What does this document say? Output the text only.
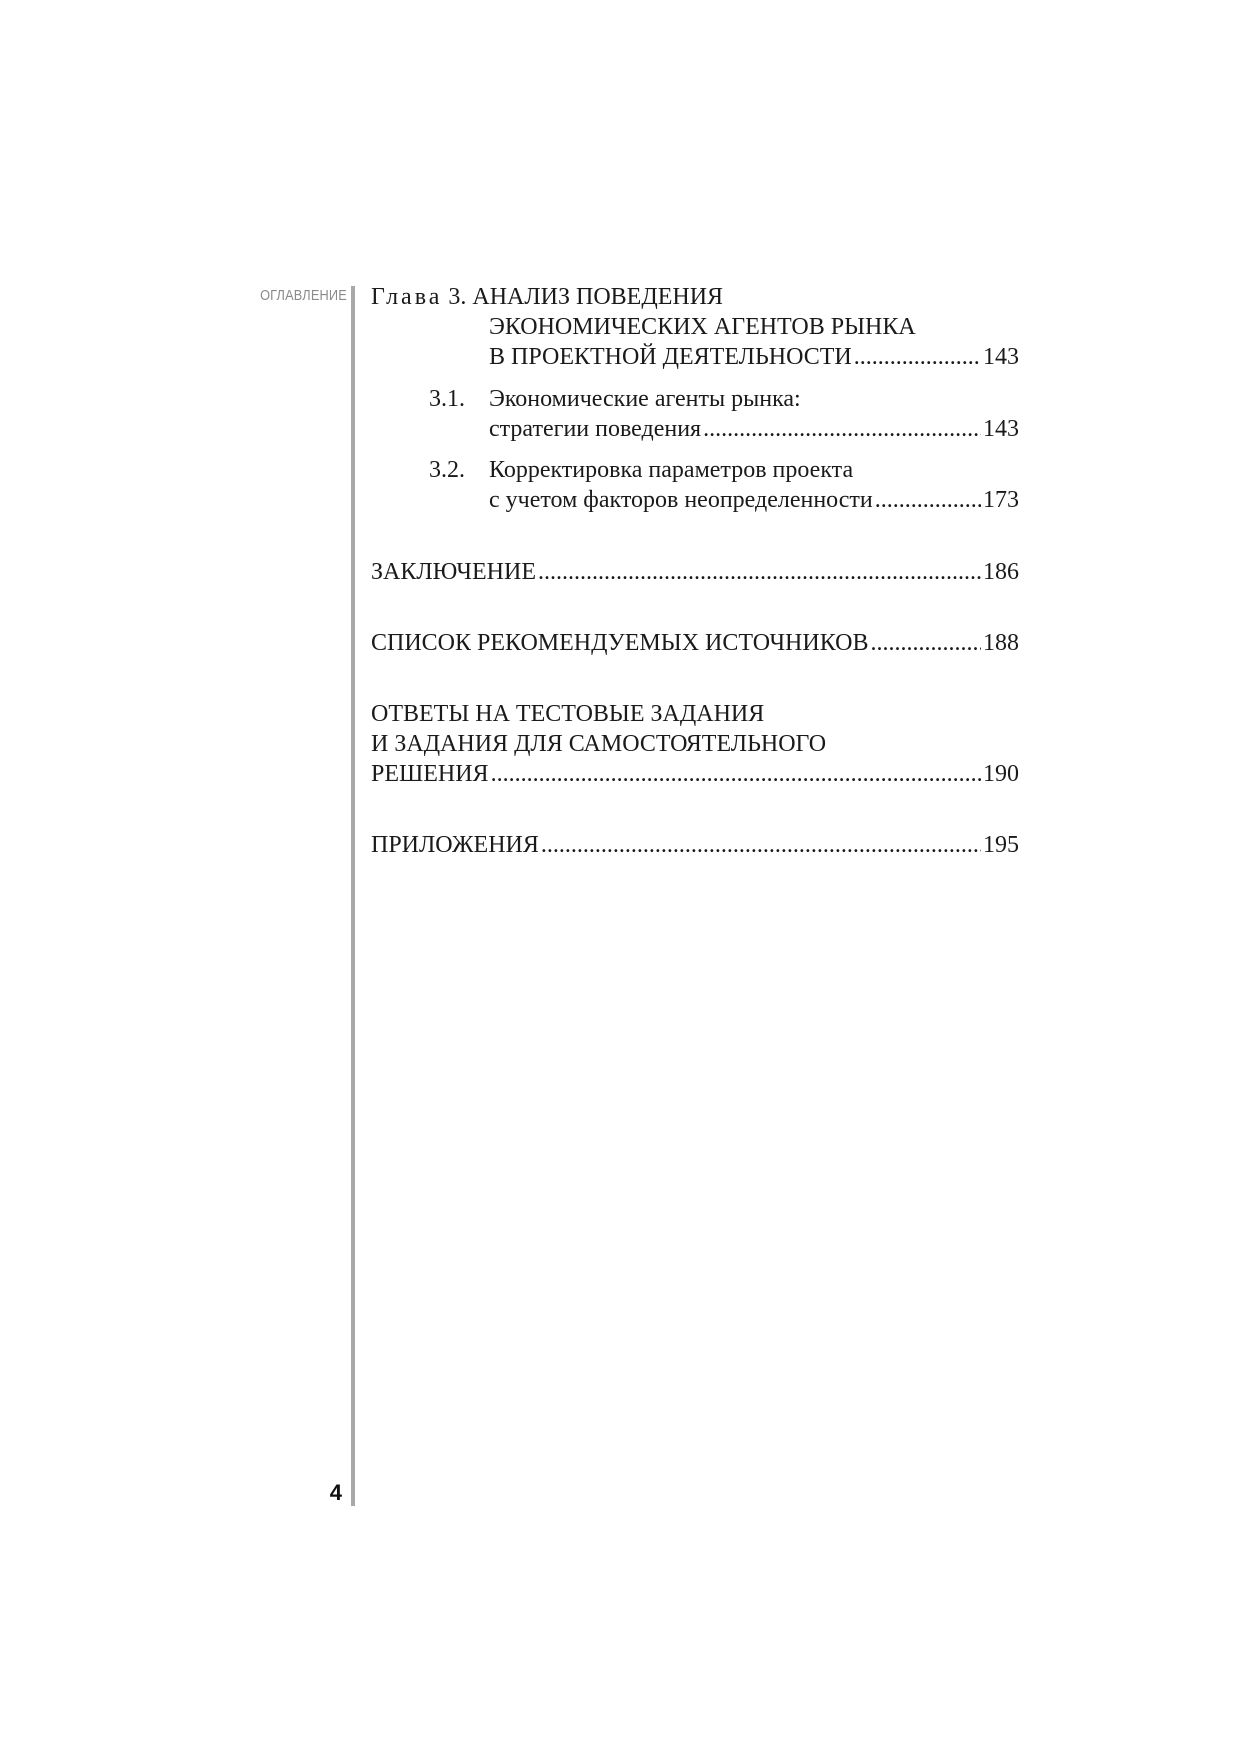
ОГЛАВЛЕНИЕ
4
Глава
3.
АНАЛИЗ ПОВЕДЕНИЯ
ЭКОНОМИЧЕСКИХ АГЕНТОВ РЫНКА
В ПРОЕКТНОЙ ДЕЯТЕЛЬНОСТИ .....	143
3.1. Экономические агенты рынка:
стратегии поведения .....	143
3.2. Корректировка параметров проекта
с учетом факторов неопределенности .....	173
ЗАКЛЮЧЕНИЕ .....	186
СПИСОК РЕКОМЕНДУЕМЫХ ИСТОЧНИКОВ .....	188
ОТВЕТЫ НА ТЕСТОВЫЕ ЗАДАНИЯ
И ЗАДАНИЯ ДЛЯ САМОСТОЯТЕЛЬНОГО
РЕШЕНИЯ .....	190
ПРИЛОЖЕНИЯ .....	195
